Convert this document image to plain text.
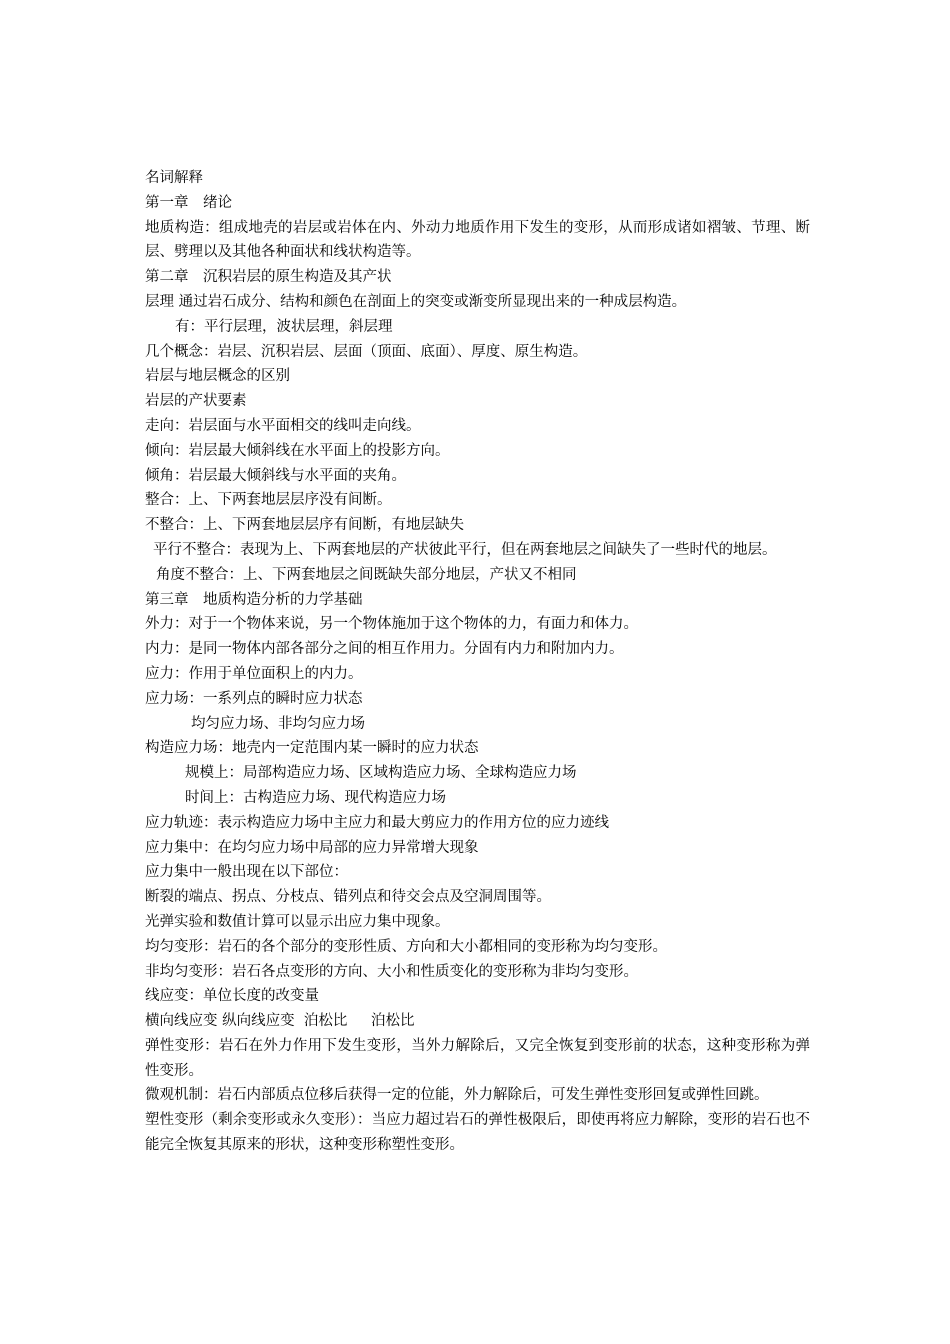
名词解释

第一章　绪论

地质构造：组成地壳的岩层或岩体在内、外动力地质作用下发生的变形，从而形成诸如褶皱、节理、断层、劈理以及其他各种面状和线状构造等。

第二章　沉积岩层的原生构造及其产状

层理 通过岩石成分、结构和颜色在剖面上的突变或渐变所显现出来的一种成层构造。

有：平行层理，波状层理，斜层理

几个概念：岩层、沉积岩层、层面（顶面、底面）、厚度、原生构造。

岩层与地层概念的区别

岩层的产状要素

走向：岩层面与水平面相交的线叫走向线。

倾向：岩层最大倾斜线在水平面上的投影方向。

倾角：岩层最大倾斜线与水平面的夹角。

整合：上、下两套地层层序没有间断。

不整合：上、下两套地层层序有间断，有地层缺失

平行不整合：表现为上、下两套地层的产状彼此平行，但在两套地层之间缺失了一些时代的地层。

角度不整合：上、下两套地层之间既缺失部分地层，产状又不相同

第三章　地质构造分析的力学基础

外力：对于一个物体来说，另一个物体施加于这个物体的力，有面力和体力。

内力：是同一物体内部各部分之间的相互作用力。分固有内力和附加内力。

应力：作用于单位面积上的内力。

应力场：一系列点的瞬时应力状态

均匀应力场、非均匀应力场

构造应力场：地壳内一定范围内某一瞬时的应力状态

规模上：局部构造应力场、区域构造应力场、全球构造应力场

时间上：古构造应力场、现代构造应力场

应力轨迹：表示构造应力场中主应力和最大剪应力的作用方位的应力迹线

应力集中：在均匀应力场中局部的应力异常增大现象

应力集中一般出现在以下部位：

断裂的端点、拐点、分枝点、错列点和待交会点及空洞周围等。

光弹实验和数值计算可以显示出应力集中现象。

均匀变形：岩石的各个部分的变形性质、方向和大小都相同的变形称为均匀变形。

非均匀变形：岩石各点变形的方向、大小和性质变化的变形称为非均匀变形。

线应变：单位长度的改变量

横向线应变 纵向线应变  泊松比　  泊松比

弹性变形：岩石在外力作用下发生变形，当外力解除后，又完全恢复到变形前的状态，这种变形称为弹性变形。

微观机制：岩石内部质点位移后获得一定的位能，外力解除后，可发生弹性变形回复或弹性回跳。

塑性变形（剩余变形或永久变形）：当应力超过岩石的弹性极限后，即使再将应力解除，变形的岩石也不能完全恢复其原来的形状，这种变形称塑性变形。
